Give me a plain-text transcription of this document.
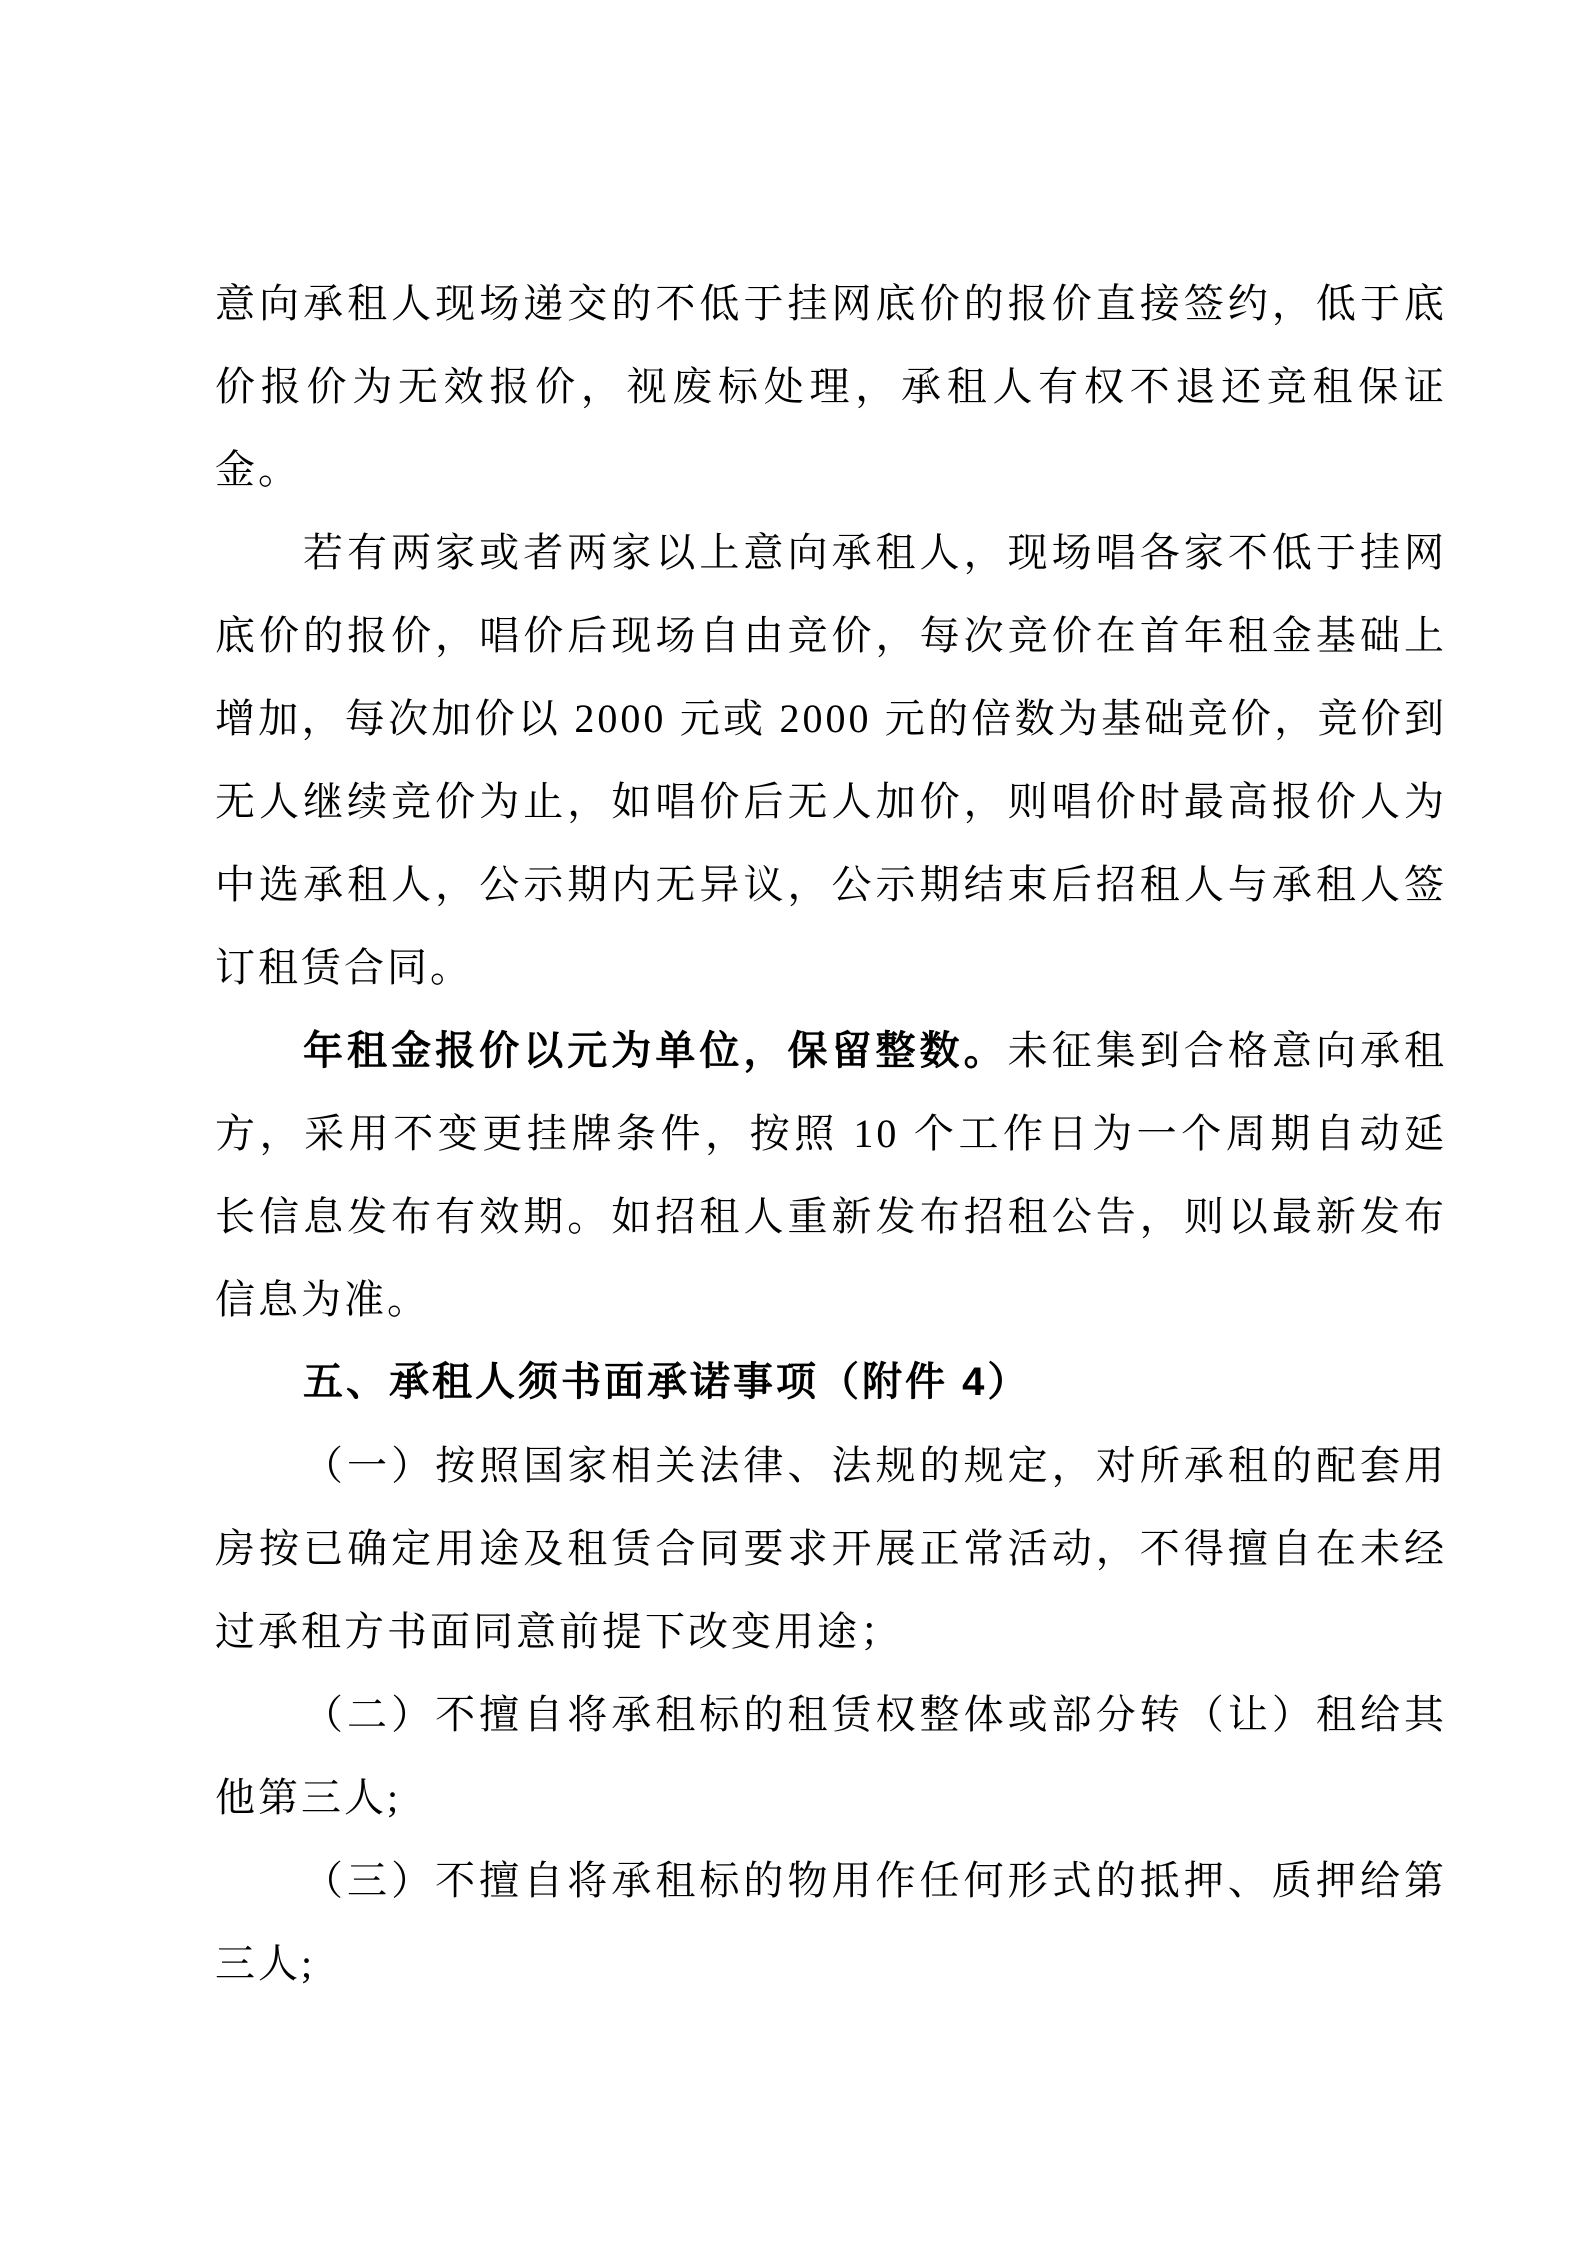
意向承租人现场递交的不低于挂网底价的报价直接签约，低于底价报价为无效报价，视废标处理，承租人有权不退还竞租保证金。

若有两家或者两家以上意向承租人，现场唱各家不低于挂网底价的报价，唱价后现场自由竞价，每次竞价在首年租金基础上增加，每次加价以 2000 元或 2000 元的倍数为基础竞价，竞价到无人继续竞价为止，如唱价后无人加价，则唱价时最高报价人为中选承租人，公示期内无异议，公示期结束后招租人与承租人签订租赁合同。

年租金报价以元为单位，保留整数。未征集到合格意向承租方，采用不变更挂牌条件，按照 10 个工作日为一个周期自动延长信息发布有效期。如招租人重新发布招租公告，则以最新发布信息为准。

五、承租人须书面承诺事项（附件 4）

（一）按照国家相关法律、法规的规定，对所承租的配套用房按已确定用途及租赁合同要求开展正常活动，不得擅自在未经过承租方书面同意前提下改变用途；

（二）不擅自将承租标的租赁权整体或部分转（让）租给其他第三人;

（三）不擅自将承租标的物用作任何形式的抵押、质押给第三人;
